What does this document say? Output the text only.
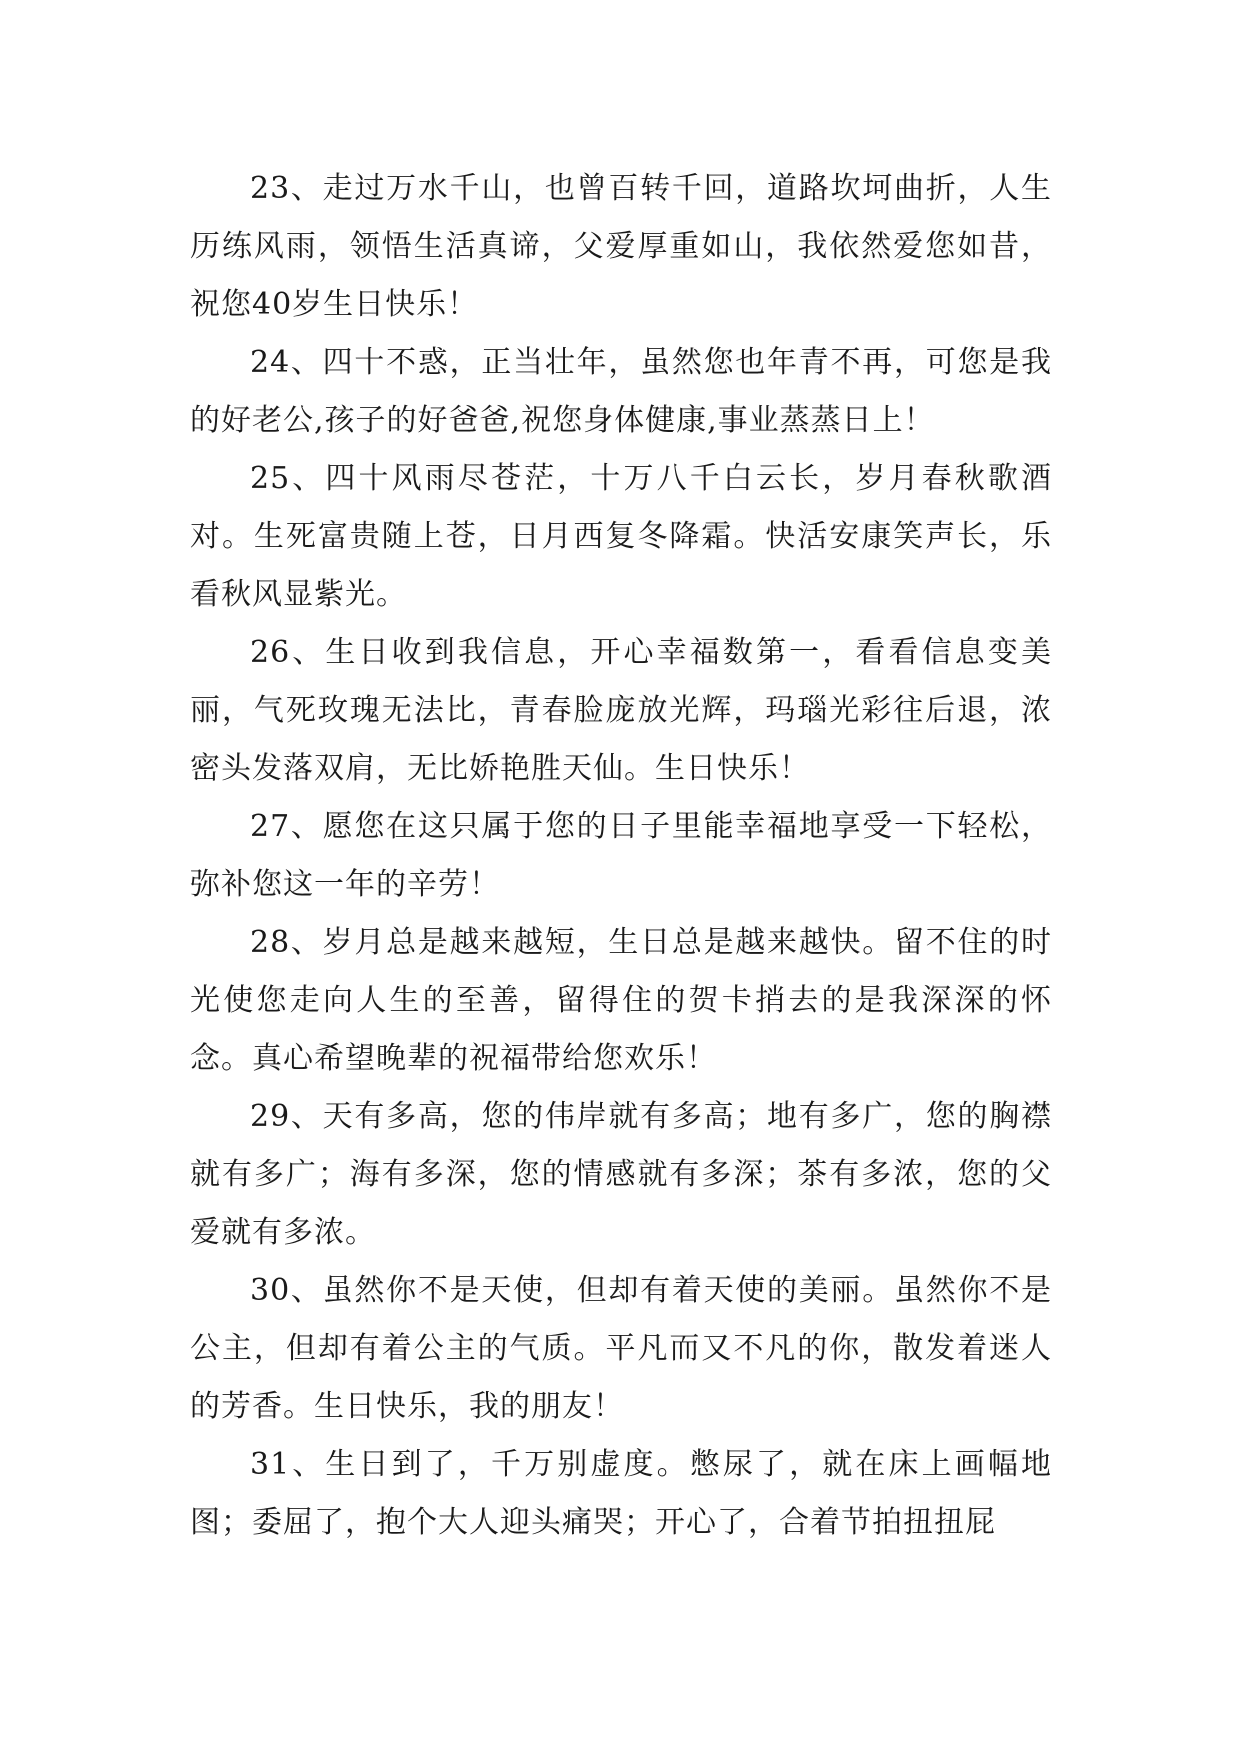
23、走过万水千山，也曾百转千回，道路坎坷曲折，人生历练风雨，领悟生活真谛，父爱厚重如山，我依然爱您如昔，祝您40岁生日快乐！

24、四十不惑，正当壮年，虽然您也年青不再，可您是我的好老公,孩子的好爸爸,祝您身体健康,事业蒸蒸日上！

25、四十风雨尽苍茫，十万八千白云长，岁月春秋歌酒对。生死富贵随上苍，日月西复冬降霜。快活安康笑声长，乐看秋风显紫光。

26、生日收到我信息，开心幸福数第一，看看信息变美丽，气死玫瑰无法比，青春脸庞放光辉，玛瑙光彩往后退，浓密头发落双肩，无比娇艳胜天仙。生日快乐！

27、愿您在这只属于您的日子里能幸福地享受一下轻松，弥补您这一年的辛劳！

28、岁月总是越来越短，生日总是越来越快。留不住的时光使您走向人生的至善，留得住的贺卡捎去的是我深深的怀念。真心希望晚辈的祝福带给您欢乐！

29、天有多高，您的伟岸就有多高；地有多广，您的胸襟就有多广；海有多深，您的情感就有多深；茶有多浓，您的父爱就有多浓。

30、虽然你不是天使，但却有着天使的美丽。虽然你不是公主，但却有着公主的气质。平凡而又不凡的你，散发着迷人的芳香。生日快乐，我的朋友！

31、生日到了，千万别虚度。憋尿了，就在床上画幅地图；委屈了，抱个大人迎头痛哭；开心了，合着节拍扭扭屁
